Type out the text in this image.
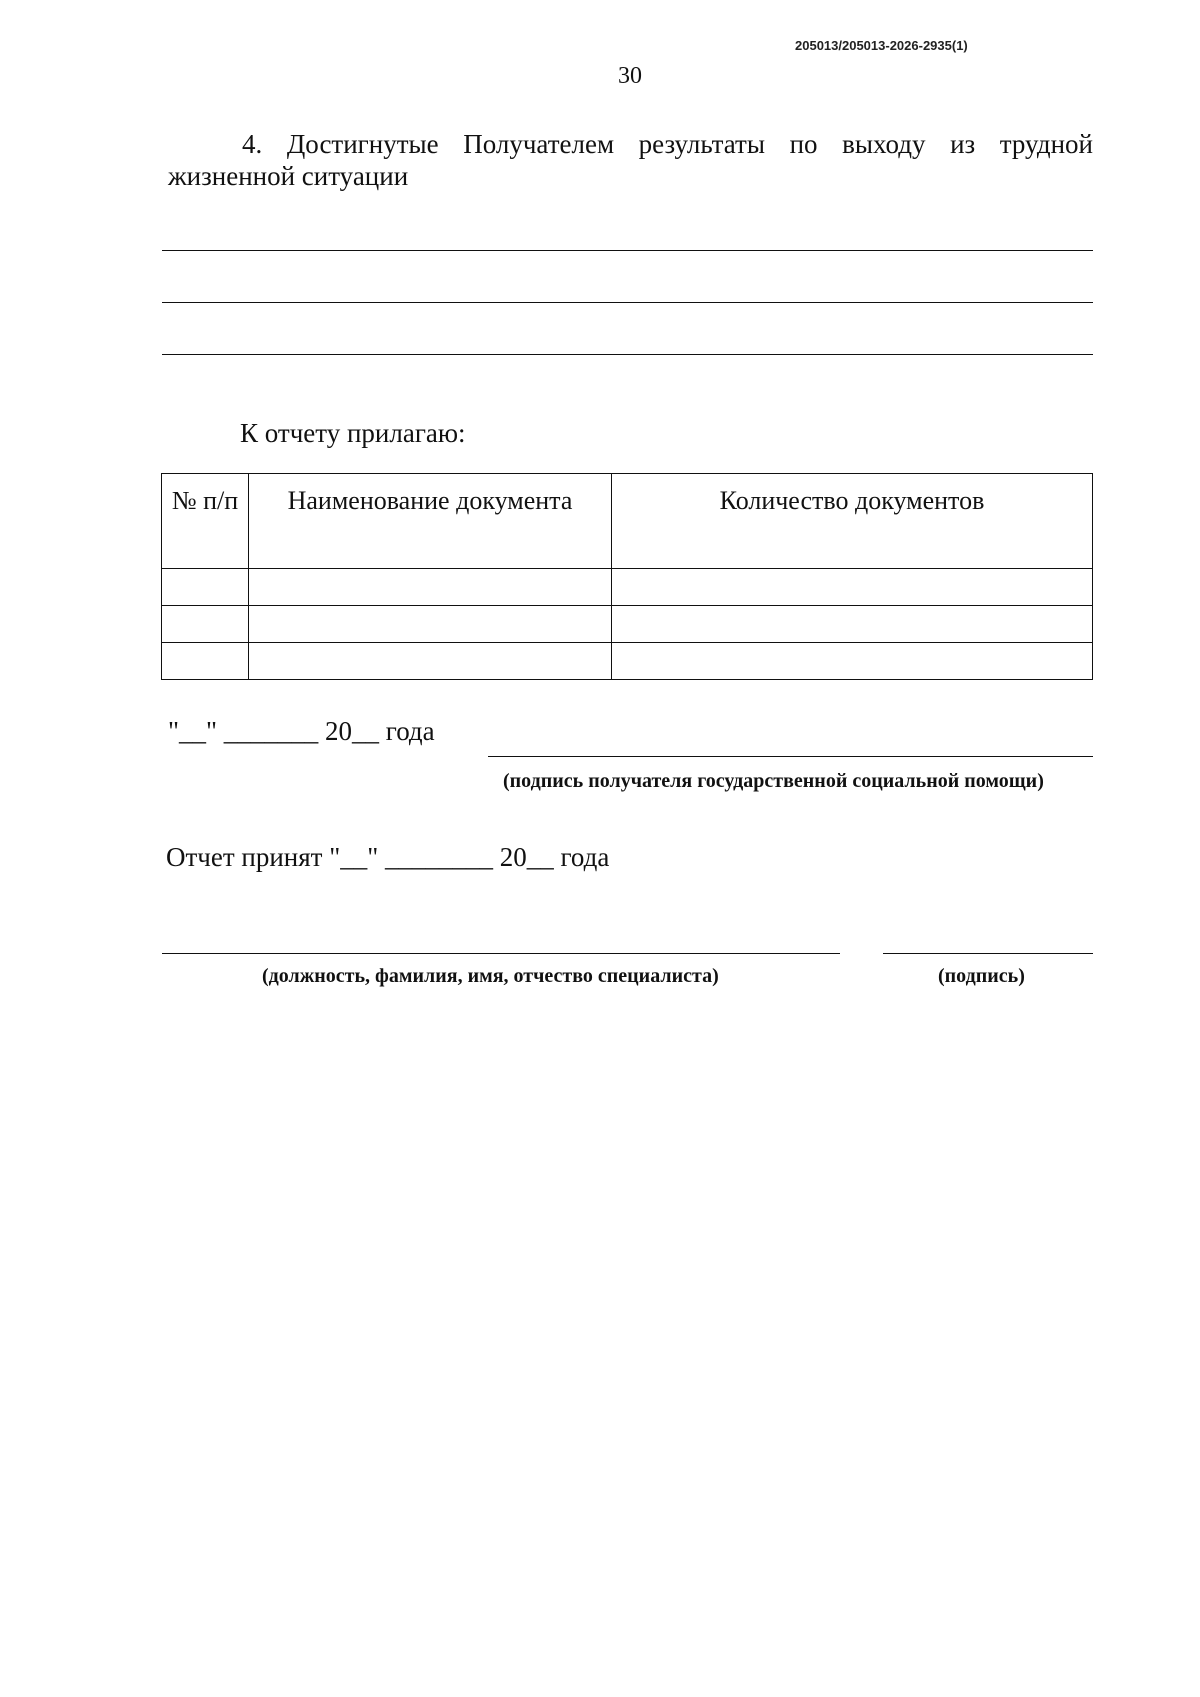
205013/205013-2026-2935(1)
30
4. Достигнутые Получателем результаты по выходу из трудной
жизненной ситуации
К отчету прилагаю:
№ п/п	Наименование документа	Количество документов

"__" _______ 20__ года
(подпись получателя государственной социальной помощи)
Отчет принят "__" ________ 20__ года
(должность, фамилия, имя, отчество специалиста)	(подпись)
